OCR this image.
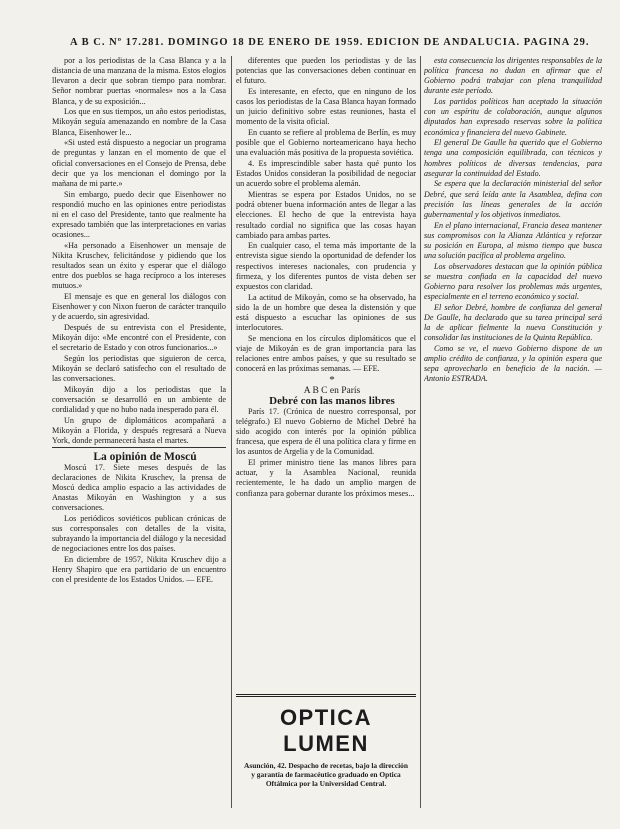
A B C. Nº 17.281. DOMINGO 18 DE ENERO DE 1959. EDICION DE ANDALUCIA. PAGINA 29.

por a los periodistas de la Casa Blanca y a la distancia de una manzana de la misma. Estos elogios llevaron a decir que sobran tiempo para nombrar. Señor nombrar puertas «normales» nos a la Casa Blanca, y de su exposición...

Los que en sus tiempos, un año estos periodistas, Mikoyán seguía amenazando en nombre de la Casa Blanca, Eisenhower le...

«Si usted está dispuesto a negociar un programa de preguntas y lanzan en el momento de que el oficial conversaciones en el Consejo de Prensa, debe decir que ya los mencionan el domingo por la mañana de mi parte.»

Sin embargo, puedo decir que Eisenhower no respondió mucho en las opiniones entre periodistas ni en el caso del Presidente, tanto que realmente ha expresado también que las interpretaciones en varias ocasiones...

«Ha personado a Eisenhower un mensaje de Nikita Kruschev, felicitándose y pidiendo que los resultados sean un éxito y esperar que el diálogo entre dos pueblos se haga recíproco a los intereses mutuos.»

El mensaje es que en general los diálogos con Eisenhower y con Nixon fueron de carácter tranquilo y de acuerdo, sin agresividad.

Después de su entrevista con el Presidente, Mikoyán dijo: «Me encontré con el Presidente, con el secretario de Estado y con otros funcionarios...»

Según los periodistas que siguieron de cerca, Mikoyán se declaró satisfecho con el resultado de las conversaciones.

Mikoyán dijo a los periodistas que la conversación se desarrolló en un ambiente de cordialidad y que no hubo nada inesperado para él.

Un grupo de diplomáticos acompañará a Mikoyán a Florida, y después regresará a Nueva York, donde permanecerá hasta el martes.

La opinión de Moscú

Moscú 17. Siete meses después de las declaraciones de Nikita Kruschev, la prensa de Moscú dedica amplio espacio a las actividades de Anastas Mikoyán en Washington y a sus conversaciones.

Los periódicos soviéticos publican crónicas de sus corresponsales con detalles de la visita, subrayando la importancia del diálogo y la necesidad de negociaciones entre los dos países.

En diciembre de 1957, Nikita Kruschev dijo a Henry Shapiro que era partidario de un encuentro con el presidente de los Estados Unidos. — EFE.

diferentes que pueden los periodistas y de las potencias que las conversaciones deben continuar en el futuro.

Es interesante, en efecto, que en ninguno de los casos los periodistas de la Casa Blanca hayan formado un juicio definitivo sobre estas reuniones, hasta el momento de la visita oficial.

En cuanto se refiere al problema de Berlín, es muy posible que el Gobierno norteamericano haya hecho una evaluación más positiva de la propuesta soviética.

4. Es imprescindible saber hasta qué punto los Estados Unidos consideran la posibilidad de negociar un acuerdo sobre el problema alemán.

Mientras se espera por Estados Unidos, no se podrá obtener buena información antes de llegar a las elecciones. El hecho de que la entrevista haya resultado cordial no significa que las cosas hayan cambiado para ambas partes.

En cualquier caso, el tema más importante de la entrevista sigue siendo la oportunidad de defender los respectivos intereses nacionales, con prudencia y firmeza, y los diferentes puntos de vista deben ser expuestos con claridad.

La actitud de Mikoyán, como se ha observado, ha sido la de un hombre que desea la distensión y que está dispuesto a escuchar las opiniones de sus interlocutores.

Se menciona en los círculos diplomáticos que el viaje de Mikoyán es de gran importancia para las relaciones entre ambos países, y que su resultado se conocerá en las próximas semanas. — EFE.

*

A B C en París

Debré con las manos libres

París 17. (Crónica de nuestro corresponsal, por telégrafo.) El nuevo Gobierno de Michel Debré ha sido acogido con interés por la opinión pública francesa, que espera de él una política clara y firme en los asuntos de Argelia y de la Comunidad.

El primer ministro tiene las manos libres para actuar, y la Asamblea Nacional, reunida recientemente, le ha dado un amplio margen de confianza para gobernar durante los próximos meses...

esta consecuencia los dirigentes responsables de la política francesa no dudan en afirmar que el Gobierno podrá trabajar con plena tranquilidad durante este período.

Los partidos políticos han aceptado la situación con un espíritu de colaboración, aunque algunos diputados han expresado reservas sobre la política económica y financiera del nuevo Gabinete.

El general De Gaulle ha querido que el Gobierno tenga una composición equilibrada, con técnicos y hombres políticos de diversas tendencias, para asegurar la continuidad del Estado.

Se espera que la declaración ministerial del señor Debré, que será leída ante la Asamblea, defina con precisión las líneas generales de la acción gubernamental y los objetivos inmediatos.

En el plano internacional, Francia desea mantener sus compromisos con la Alianza Atlántica y reforzar su posición en Europa, al mismo tiempo que busca una solución pacífica al problema argelino.

Los observadores destacan que la opinión pública se muestra confiada en la capacidad del nuevo Gobierno para resolver los problemas más urgentes, especialmente en el terreno económico y social.

El señor Debré, hombre de confianza del general De Gaulle, ha declarado que su tarea principal será la de aplicar fielmente la nueva Constitución y consolidar las instituciones de la Quinta República.

Como se ve, el nuevo Gobierno dispone de un amplio crédito de confianza, y la opinión espera que sepa aprovecharlo en beneficio de la nación. — Antonio ESTRADA.

OPTICA LUMEN
Asunción, 42. Despacho de recetas, bajo la dirección y garantía de farmacéutico graduado en Optica Oftálmica por la Universidad Central.
